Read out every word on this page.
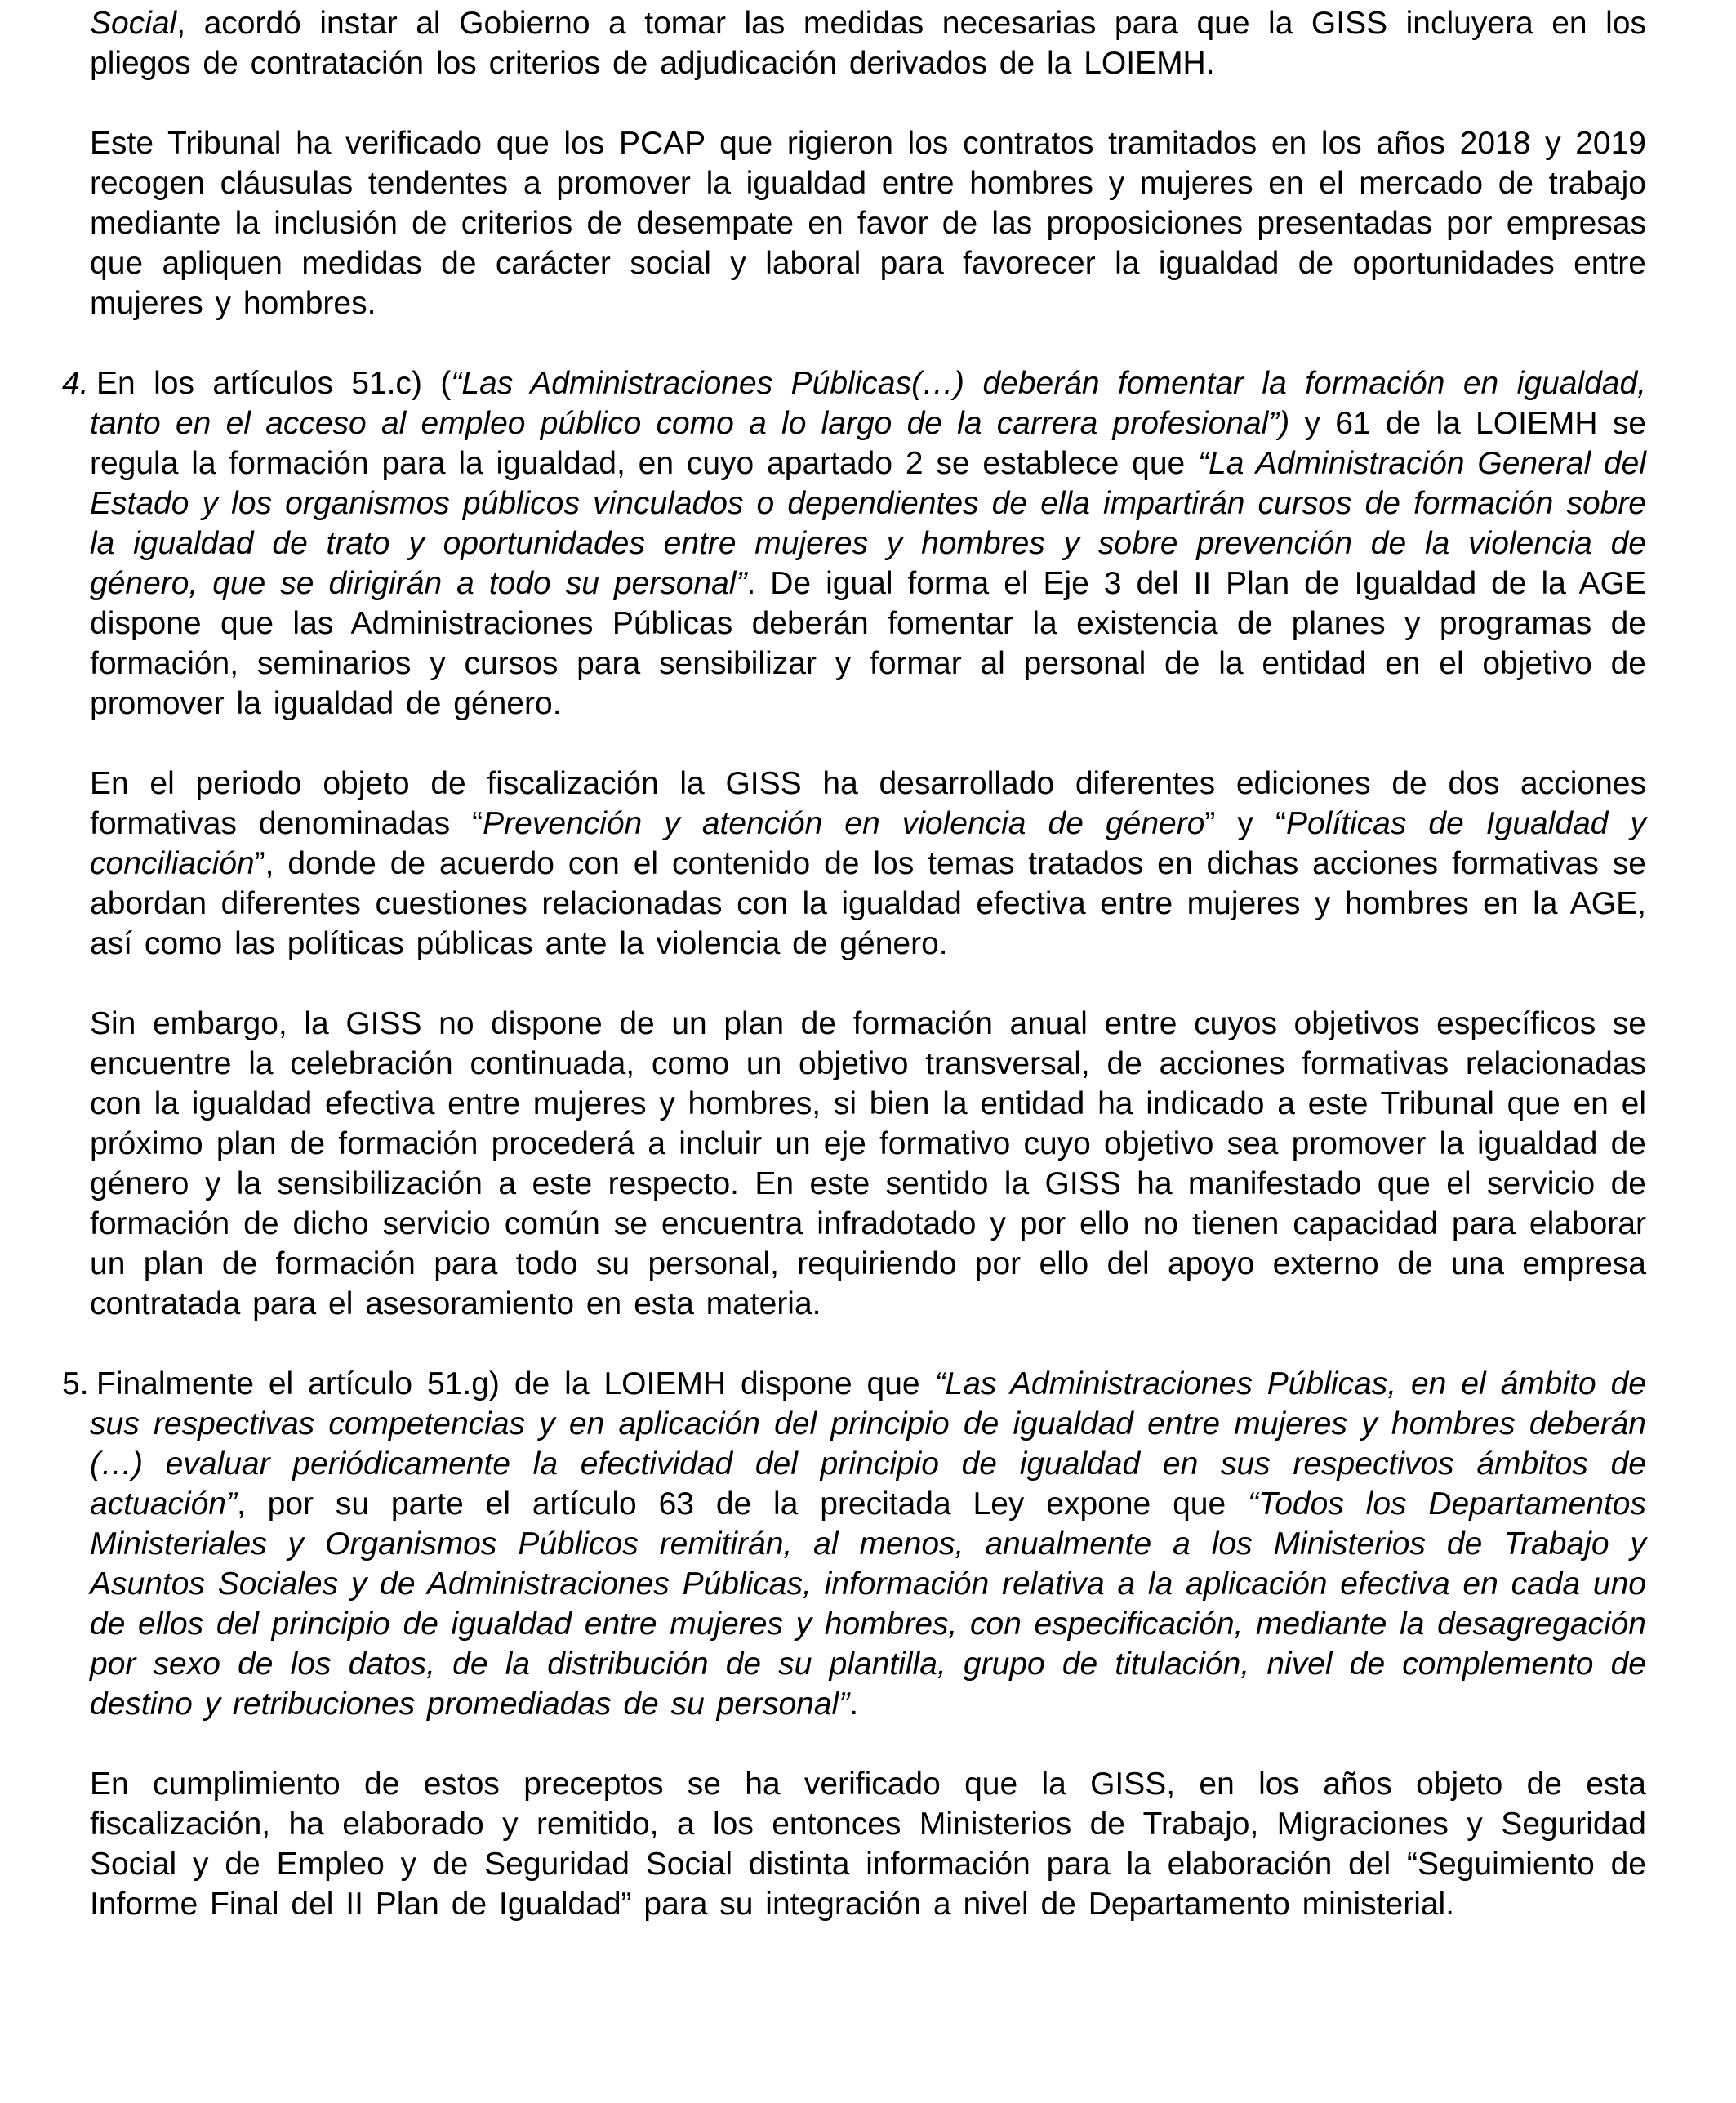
Social, acordó instar al Gobierno a tomar las medidas necesarias para que la GISS incluyera en los pliegos de contratación los criterios de adjudicación derivados de la LOIEMH.

Este Tribunal ha verificado que los PCAP que rigieron los contratos tramitados en los años 2018 y 2019 recogen cláusulas tendentes a promover la igualdad entre hombres y mujeres en el mercado de trabajo mediante la inclusión de criterios de desempate en favor de las proposiciones presentadas por empresas que apliquen medidas de carácter social y laboral para favorecer la igualdad de oportunidades entre mujeres y hombres.

4. En los artículos 51.c) (“Las Administraciones Públicas(…) deberán fomentar la formación en igualdad, tanto en el acceso al empleo público como a lo largo de la carrera profesional”) y 61 de la LOIEMH se regula la formación para la igualdad, en cuyo apartado 2 se establece que “La Administración General del Estado y los organismos públicos vinculados o dependientes de ella impartirán cursos de formación sobre la igualdad de trato y oportunidades entre mujeres y hombres y sobre prevención de la violencia de género, que se dirigirán a todo su personal”. De igual forma el Eje 3 del II Plan de Igualdad de la AGE dispone que las Administraciones Públicas deberán fomentar la existencia de planes y programas de formación, seminarios y cursos para sensibilizar y formar al personal de la entidad en el objetivo de promover la igualdad de género.

En el periodo objeto de fiscalización la GISS ha desarrollado diferentes ediciones de dos acciones formativas denominadas “Prevención y atención en violencia de género” y “Políticas de Igualdad y conciliación”, donde de acuerdo con el contenido de los temas tratados en dichas acciones formativas se abordan diferentes cuestiones relacionadas con la igualdad efectiva entre mujeres y hombres en la AGE, así como las políticas públicas ante la violencia de género.

Sin embargo, la GISS no dispone de un plan de formación anual entre cuyos objetivos específicos se encuentre la celebración continuada, como un objetivo transversal, de acciones formativas relacionadas con la igualdad efectiva entre mujeres y hombres, si bien la entidad ha indicado a este Tribunal que en el próximo plan de formación procederá a incluir un eje formativo cuyo objetivo sea promover la igualdad de género y la sensibilización a este respecto. En este sentido la GISS ha manifestado que el servicio de formación de dicho servicio común se encuentra infradotado y por ello no tienen capacidad para elaborar un plan de formación para todo su personal, requiriendo por ello del apoyo externo de una empresa contratada para el asesoramiento en esta materia.

5. Finalmente el artículo 51.g) de la LOIEMH dispone que “Las Administraciones Públicas, en el ámbito de sus respectivas competencias y en aplicación del principio de igualdad entre mujeres y hombres deberán (…) evaluar periódicamente la efectividad del principio de igualdad en sus respectivos ámbitos de actuación”, por su parte el artículo 63 de la precitada Ley expone que “Todos los Departamentos Ministeriales y Organismos Públicos remitirán, al menos, anualmente a los Ministerios de Trabajo y Asuntos Sociales y de Administraciones Públicas, información relativa a la aplicación efectiva en cada uno de ellos del principio de igualdad entre mujeres y hombres, con especificación, mediante la desagregación por sexo de los datos, de la distribución de su plantilla, grupo de titulación, nivel de complemento de destino y retribuciones promediadas de su personal”.

En cumplimiento de estos preceptos se ha verificado que la GISS, en los años objeto de esta fiscalización, ha elaborado y remitido, a los entonces Ministerios de Trabajo, Migraciones y Seguridad Social y de Empleo y de Seguridad Social distinta información para la elaboración del “Seguimiento de Informe Final del II Plan de Igualdad” para su integración a nivel de Departamento ministerial.
